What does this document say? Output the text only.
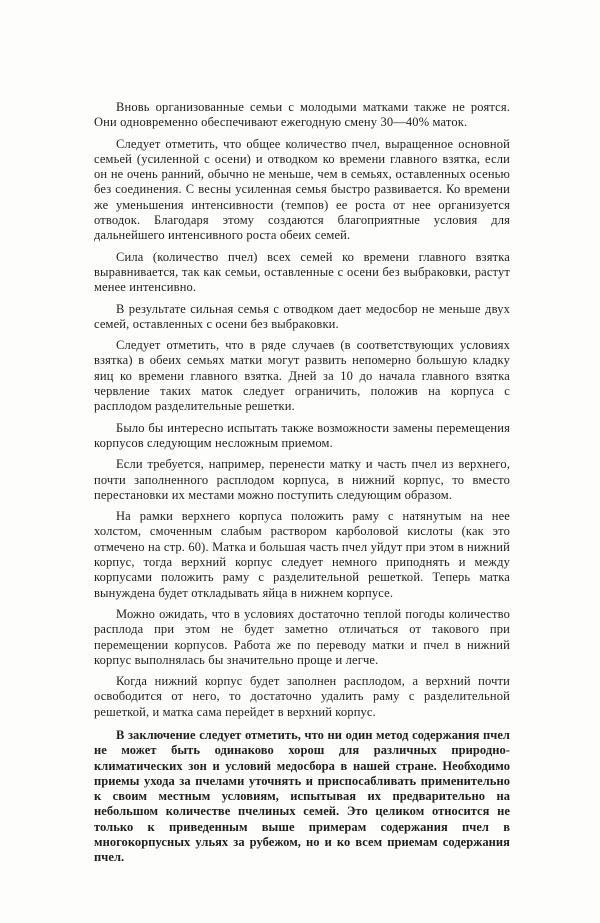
Вновь организованные семьи с молодыми матками также не роятся. Они одновременно обеспечивают ежегодную смену 30—40% маток.

Следует отметить, что общее количество пчел, выращенное основной семьей (усиленной с осени) и отводком ко времени главного взятка, если он не очень ранний, обычно не меньше, чем в семьях, оставленных осенью без соединения. С весны усиленная семья быстро развивается. Ко времени же уменьшения интенсивности (темпов) ее роста от нее организуется отводок. Благодаря этому создаются благоприятные условия для дальнейшего интенсивного роста обеих семей.

Сила (количество пчел) всех семей ко времени главного взятка выравнивается, так как семьи, оставленные с осени без выбраковки, растут менее интенсивно.

В результате сильная семья с отводком дает медосбор не меньше двух семей, оставленных с осени без выбраковки.

Следует отметить, что в ряде случаев (в соответствующих условиях взятка) в обеих семьях матки могут развить непомерно большую кладку яиц ко времени главного взятка. Дней за 10 до начала главного взятка червление таких маток следует ограничить, положив на корпуса с расплодом разделительные решетки.

Было бы интересно испытать также возможности замены перемещения корпусов следующим несложным приемом.

Если требуется, например, перенести матку и часть пчел из верхнего, почти заполненного расплодом корпуса, в нижний корпус, то вместо перестановки их местами можно поступить следующим образом.

На рамки верхнего корпуса положить раму с натянутым на нее холстом, смоченным слабым раствором карболовой кислоты (как это отмечено на стр. 60). Матка и большая часть пчел уйдут при этом в нижний корпус, тогда верхний корпус следует немного приподнять и между корпусами положить раму с разделительной решеткой. Теперь матка вынуждена будет откладывать яйца в нижнем корпусе.

Можно ожидать, что в условиях достаточно теплой погоды количество расплода при этом не будет заметно отличаться от такового при перемещении корпусов. Работа же по переводу матки и пчел в нижний корпус выполнялась бы значительно проще и легче.

Когда нижний корпус будет заполнен расплодом, а верхний почти освободится от него, то достаточно удалить раму с разделительной решеткой, и матка сама перейдет в верхний корпус.

В заключение следует отметить, что ни один метод содержания пчел не может быть одинаково хорош для различных природно-климатических зон и условий медосбора в нашей стране. Необходимо приемы ухода за пчелами уточнять и приспосабливать применительно к своим местным условиям, испытывая их предварительно на небольшом количестве пчелиных семей. Это целиком относится не только к приведенным выше примерам содержания пчел в многокорпусных ульях за рубежом, но и ко всем приемам содержания пчел.
